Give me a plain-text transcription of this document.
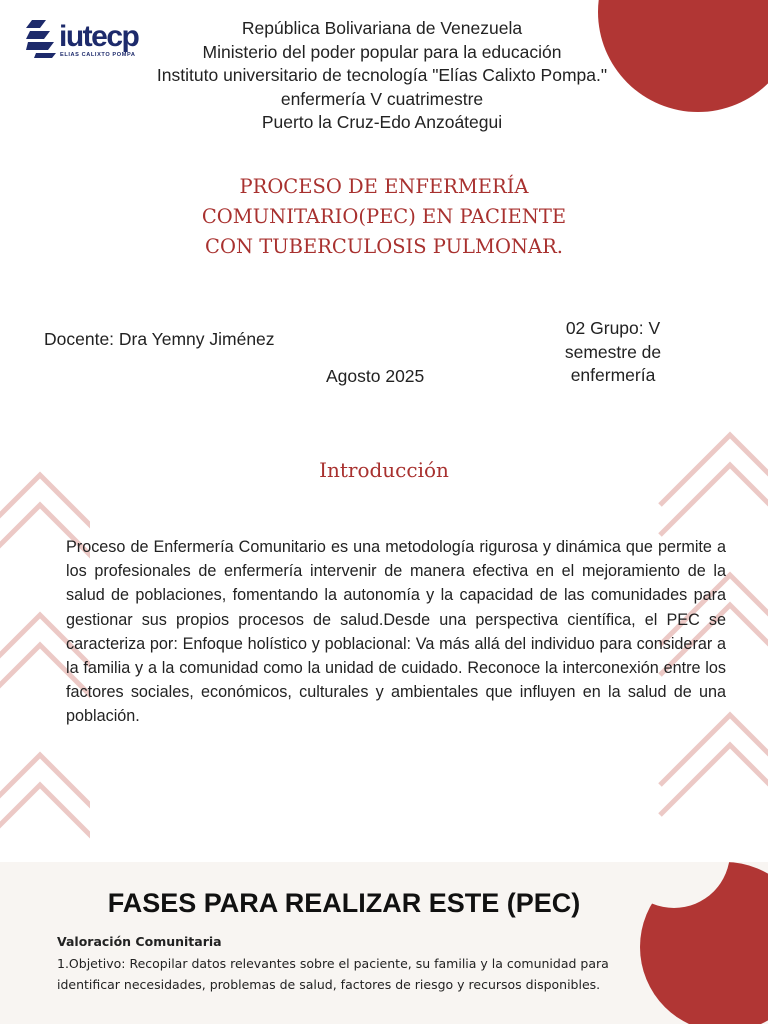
iutecp
ELIAS CALIXTO POMPA
República Bolivariana de Venezuela
Ministerio del poder popular para la educación
Instituto universitario de tecnología "Elías Calixto Pompa."
enfermería V cuatrimestre
Puerto la Cruz-Edo Anzoátegui
PROCESO DE ENFERMERÍA
COMUNITARIO(PEC) EN PACIENTE
CON TUBERCULOSIS PULMONAR.
Docente: Dra Yemny Jiménez
Agosto 2025
02 Grupo: V
semestre de
enfermería
Introducción
Proceso de Enfermería Comunitario es una metodología rigurosa y dinámica que permite a los profesionales de enfermería intervenir de manera efectiva en el mejoramiento de la salud de poblaciones, fomentando la autonomía y la capacidad de las comunidades para gestionar sus propios procesos de salud.Desde una perspectiva científica, el PEC se caracteriza por: Enfoque holístico y poblacional: Va más allá del individuo para considerar a la familia y a la comunidad como la unidad de cuidado. Reconoce la interconexión entre los factores sociales, económicos, culturales y ambientales que influyen en la salud de una población.
FASES PARA REALIZAR ESTE (PEC)
Valoración Comunitaria
1.Objetivo: Recopilar datos relevantes sobre el paciente, su familia y la comunidad para identificar necesidades, problemas de salud, factores de riesgo y recursos disponibles.
